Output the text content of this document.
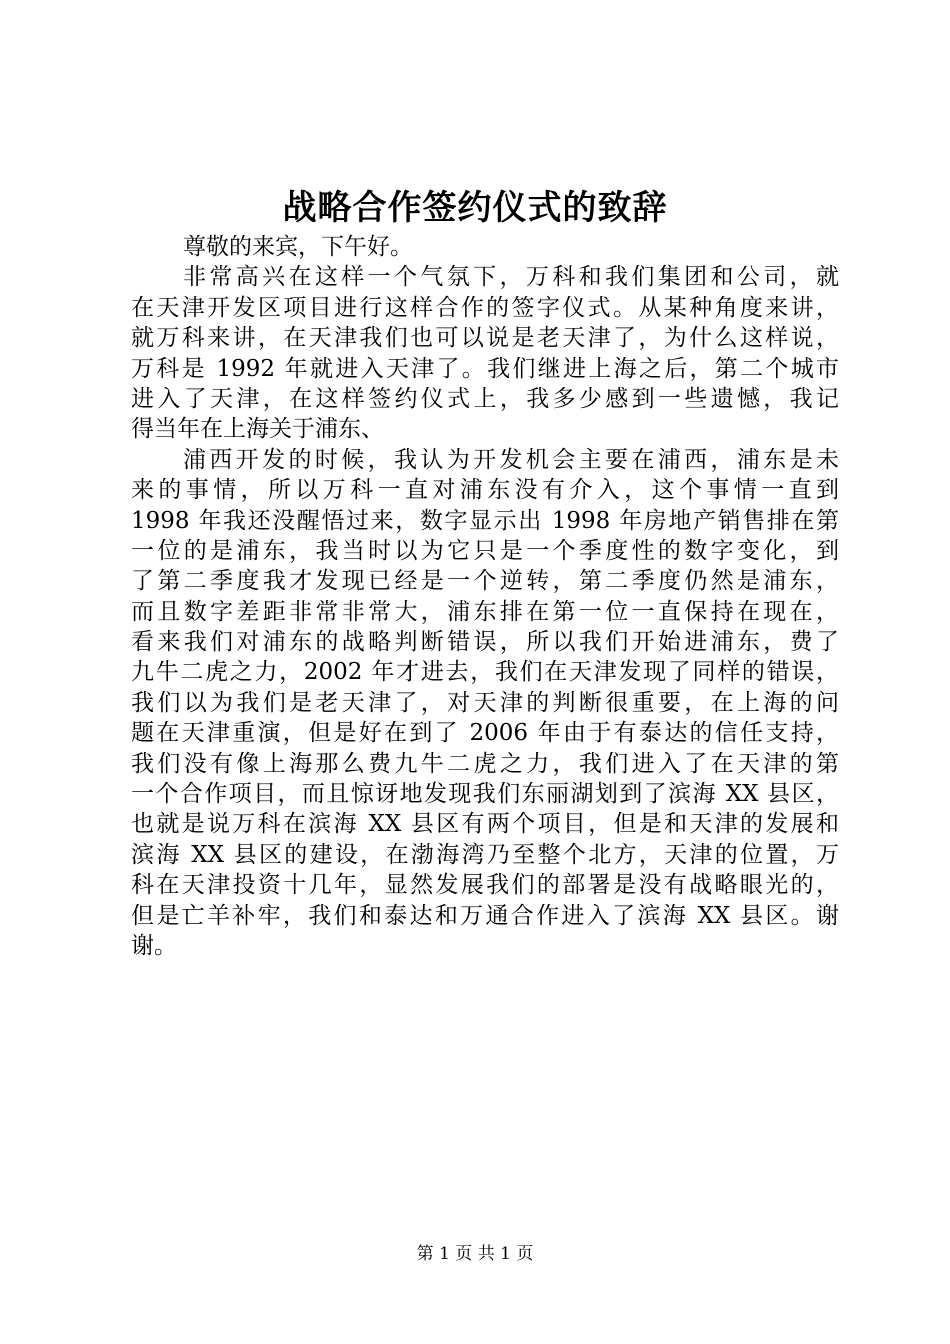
战略合作签约仪式的致辞
尊敬的来宾，下午好。
非常高兴在这样一个气氛下，万科和我们集团和公司，就
在天津开发区项目进行这样合作的签字仪式。从某种角度来讲，
就万科来讲，在天津我们也可以说是老天津了，为什么这样说，
万科是 1992 年就进入天津了。我们继进上海之后，第二个城市
进入了天津，在这样签约仪式上，我多少感到一些遗憾，我记
得当年在上海关于浦东、
浦西开发的时候，我认为开发机会主要在浦西，浦东是未
来的事情，所以万科一直对浦东没有介入，这个事情一直到
1998 年我还没醒悟过来，数字显示出 1998 年房地产销售排在第
一位的是浦东，我当时以为它只是一个季度性的数字变化，到
了第二季度我才发现已经是一个逆转，第二季度仍然是浦东，
而且数字差距非常非常大，浦东排在第一位一直保持在现在，
看来我们对浦东的战略判断错误，所以我们开始进浦东，费了
九牛二虎之力，2002 年才进去，我们在天津发现了同样的错误，
我们以为我们是老天津了，对天津的判断很重要，在上海的问
题在天津重演，但是好在到了 2006 年由于有泰达的信任支持，
我们没有像上海那么费九牛二虎之力，我们进入了在天津的第
一个合作项目，而且惊讶地发现我们东丽湖划到了滨海 XX 县区，
也就是说万科在滨海 XX 县区有两个项目，但是和天津的发展和
滨海 XX 县区的建设，在渤海湾乃至整个北方，天津的位置，万
科在天津投资十几年，显然发展我们的部署是没有战略眼光的，
但是亡羊补牢，我们和泰达和万通合作进入了滨海 XX 县区。谢
谢。
第 1 页 共 1 页
